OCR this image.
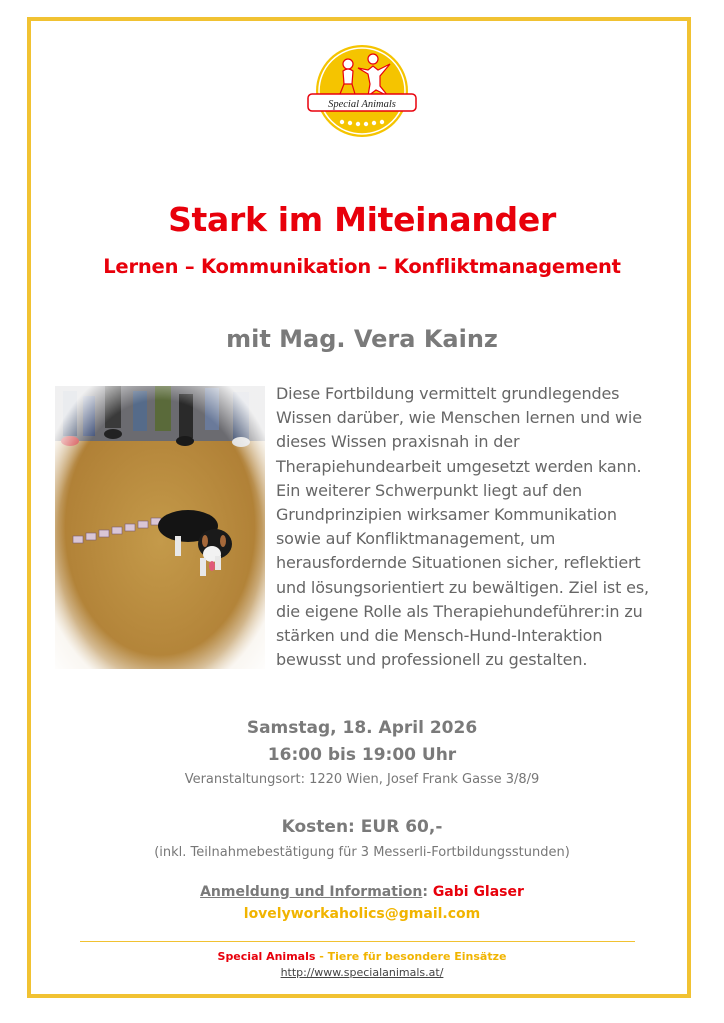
Special Animals
Stark im Miteinander
Lernen – Kommunikation – Konfliktmanagement
mit Mag. Vera Kainz
Diese Fortbildung vermittelt grundlegendes
Wissen darüber, wie Menschen lernen und wie
dieses Wissen praxisnah in der
Therapiehundearbeit umgesetzt werden kann.
Ein weiterer Schwerpunkt liegt auf den
Grundprinzipien wirksamer Kommunikation
sowie auf Konfliktmanagement, um
herausfordernde Situationen sicher, reflektiert
und lösungsorientiert zu bewältigen. Ziel ist es,
die eigene Rolle als Therapiehundeführer:in zu
stärken und die Mensch-Hund-Interaktion
bewusst und professionell zu gestalten.
Samstag, 18. April 2026
16:00 bis 19:00 Uhr
Veranstaltungsort: 1220 Wien, Josef Frank Gasse 3/8/9
Kosten: EUR 60,-
(inkl. Teilnahmebestätigung für 3 Messerli-Fortbildungsstunden)
Anmeldung und Information: Gabi Glaser
lovelyworkaholics@gmail.com
Special Animals - Tiere für besondere Einsätze
http://www.specialanimals.at/
